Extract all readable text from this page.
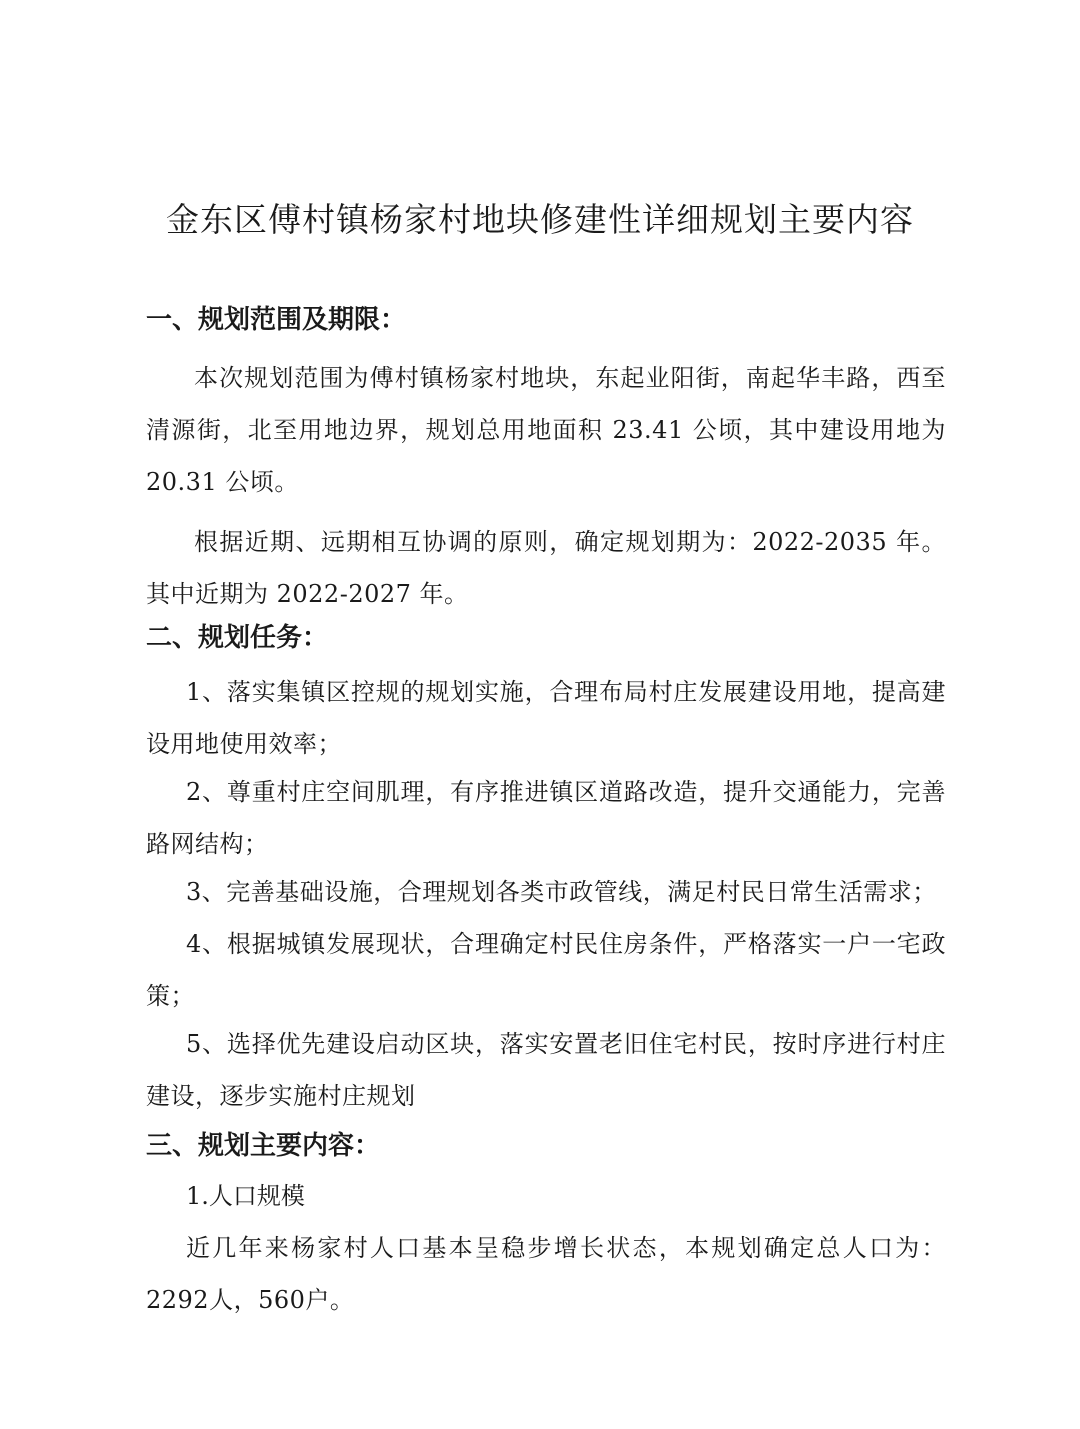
金东区傅村镇杨家村地块修建性详细规划主要内容
一、规划范围及期限：
本次规划范围为傅村镇杨家村地块，东起业阳街，南起华丰路，西至清源街，北至用地边界，规划总用地面积 23.41 公顷，其中建设用地为 20.31 公顷。
根据近期、远期相互协调的原则，确定规划期为：2022-2035 年。其中近期为 2022-2027 年。
二、规划任务：
1、落实集镇区控规的规划实施，合理布局村庄发展建设用地，提高建设用地使用效率；
2、尊重村庄空间肌理，有序推进镇区道路改造，提升交通能力，完善路网结构；
3、完善基础设施，合理规划各类市政管线，满足村民日常生活需求；
4、根据城镇发展现状，合理确定村民住房条件，严格落实一户一宅政策；
5、选择优先建设启动区块，落实安置老旧住宅村民，按时序进行村庄建设，逐步实施村庄规划
三、规划主要内容：
1.人口规模
近几年来杨家村人口基本呈稳步增长状态，本规划确定总人口为：2292人，560户。
